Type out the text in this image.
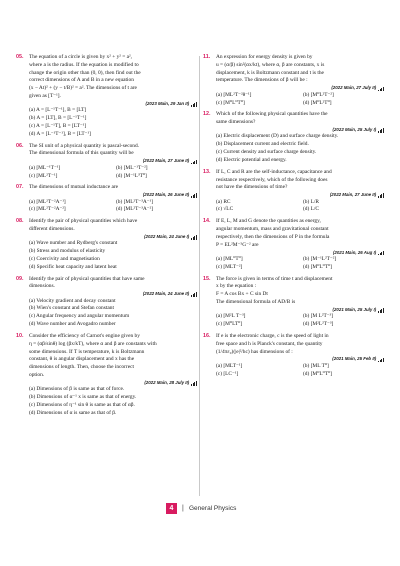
05.	The equation of a circle is given by x² + y² = a²,
where a is the radius. If the equation is modified to
change the origin other than (0, 0), then find out the
correct dimensions of A and B in a new equation
(x − At)² + (y − t/B)² = a². The dimensions of t are
given as [T⁻¹].
(2023 Main, 29 Jan II)
(a) A = [L⁻¹T⁻¹], B = [LT]
(b) A = [LT], B = [L⁻¹T⁻¹]
(c) A = [L⁻¹T], B = [LT⁻¹]
(d) A = [L⁻¹T⁻¹], B = [LT⁻¹]
06.	The SI unit of a physical quantity is pascal-second.
The dimensional formula of this quantity will be
(2022 Main, 27 June II)
(a) [ML⁻¹T⁻¹]	(b) [ML⁻¹T⁻²]
(c) [ML²T⁻¹]	(d) [M⁻¹L³T⁰]
07.	The dimensions of mutual inductance are
(2022 Main, 26 June II)
(a) [ML²T⁻²A⁻¹]	(b) [ML²T⁻³A⁻¹]
(c) [ML²T⁻²A⁻²]	(d) [ML²T⁻³A⁻²]
08.	Identify the pair of physical quantities which have
different dimensions.
(2022 Main, 24 June I)
(a) Wave number and Rydberg's constant
(b) Stress and modulus of elasticity
(c) Coercivity and magnetisation
(d) Specific heat capacity and latent heat
09.	Identify the pair of physical quantities that have same
dimensions.
(2022 Main, 24 June II)
(a) Velocity gradient and decay constant
(b) Wien's constant and Stefan constant
(c) Angular frequency and angular momentum
(d) Wave number and Avogadro number
10.	Consider the efficiency of Carnot's engine given by
η = (αβ/sinθ) log (βx/kT), where α and β are constants with
some dimensions. If T is temperature, k is Boltzmann
constant, θ is angular displacement and x has the
dimensions of length. Then, choose the incorrect
option.
(2022 Main, 28 July II)
(a) Dimensions of β is same as that of force.
(b) Dimensions of α⁻¹ x is same as that of energy.
(c) Dimensions of η⁻¹ sin θ is same as that of αβ.
(d) Dimensions of α is same as that of β.
11.	An expression for energy density is given by
u = (α/β) sin²(αx/kt), where α, β are constants, x is
displacement, k is Boltzmann constant and t is the
temperature. The dimensions of β will be :
(2022 Main, 27 July II)
(a) [ML²T⁻²θ⁻¹]	(b) [M⁰L²T⁻²]
(c) [M⁰L⁰T⁰]	(d) [M⁰L²T⁰]
12.	Which of the following physical quantities have the
same dimensions?
(2022 Main, 25 July I)
(a) Electric displacement (D) and surface charge density.
(b) Displacement current and electric field.
(c) Current density and surface charge density.
(d) Electric potential and energy.
13.	If L, C and R are the self-inductance, capacitance and
resistance respectively, which of the following does
not have the dimensions of time?
(2022 Main, 27 June II)
(a) RC	(b) L/R
(c) √LC	(d) L/C
14.	If E, L, M and G denote the quantities as energy,
angular momentum, mass and gravitational constant
respectively, then the dimensions of P in the formula
P = EL²M⁻⁵G⁻² are
(2021 Main, 26 Aug I)
(a) [ML⁰T⁰]	(b) [M⁻¹L²T⁻²]
(c) [MLT⁻²]	(d) [M⁰L⁰T⁰]
15.	The force is given in terms of time t and displacement
x by the equation :
F = A cos Bx + C sin Dt
The dimensional formula of AD/B is
(2021 Main, 25 July I)
(a) [M²L T⁻³]	(b) [M L²T⁻³]
(c) [M⁰LT⁰]	(d) [M²L²T⁻³]
16.	If e is the electronic charge, c is the speed of light in
free space and h is Planck's constant, the quantity
(1/4πε₀)(|e|²/hc) has dimensions of :
(2021 Main, 25 Feb II)
(a) [MLT⁻¹]	(b) [ML T⁰]
(c) [LC⁻¹]	(d) [M⁰L⁰T⁰]
4	| General Physics
